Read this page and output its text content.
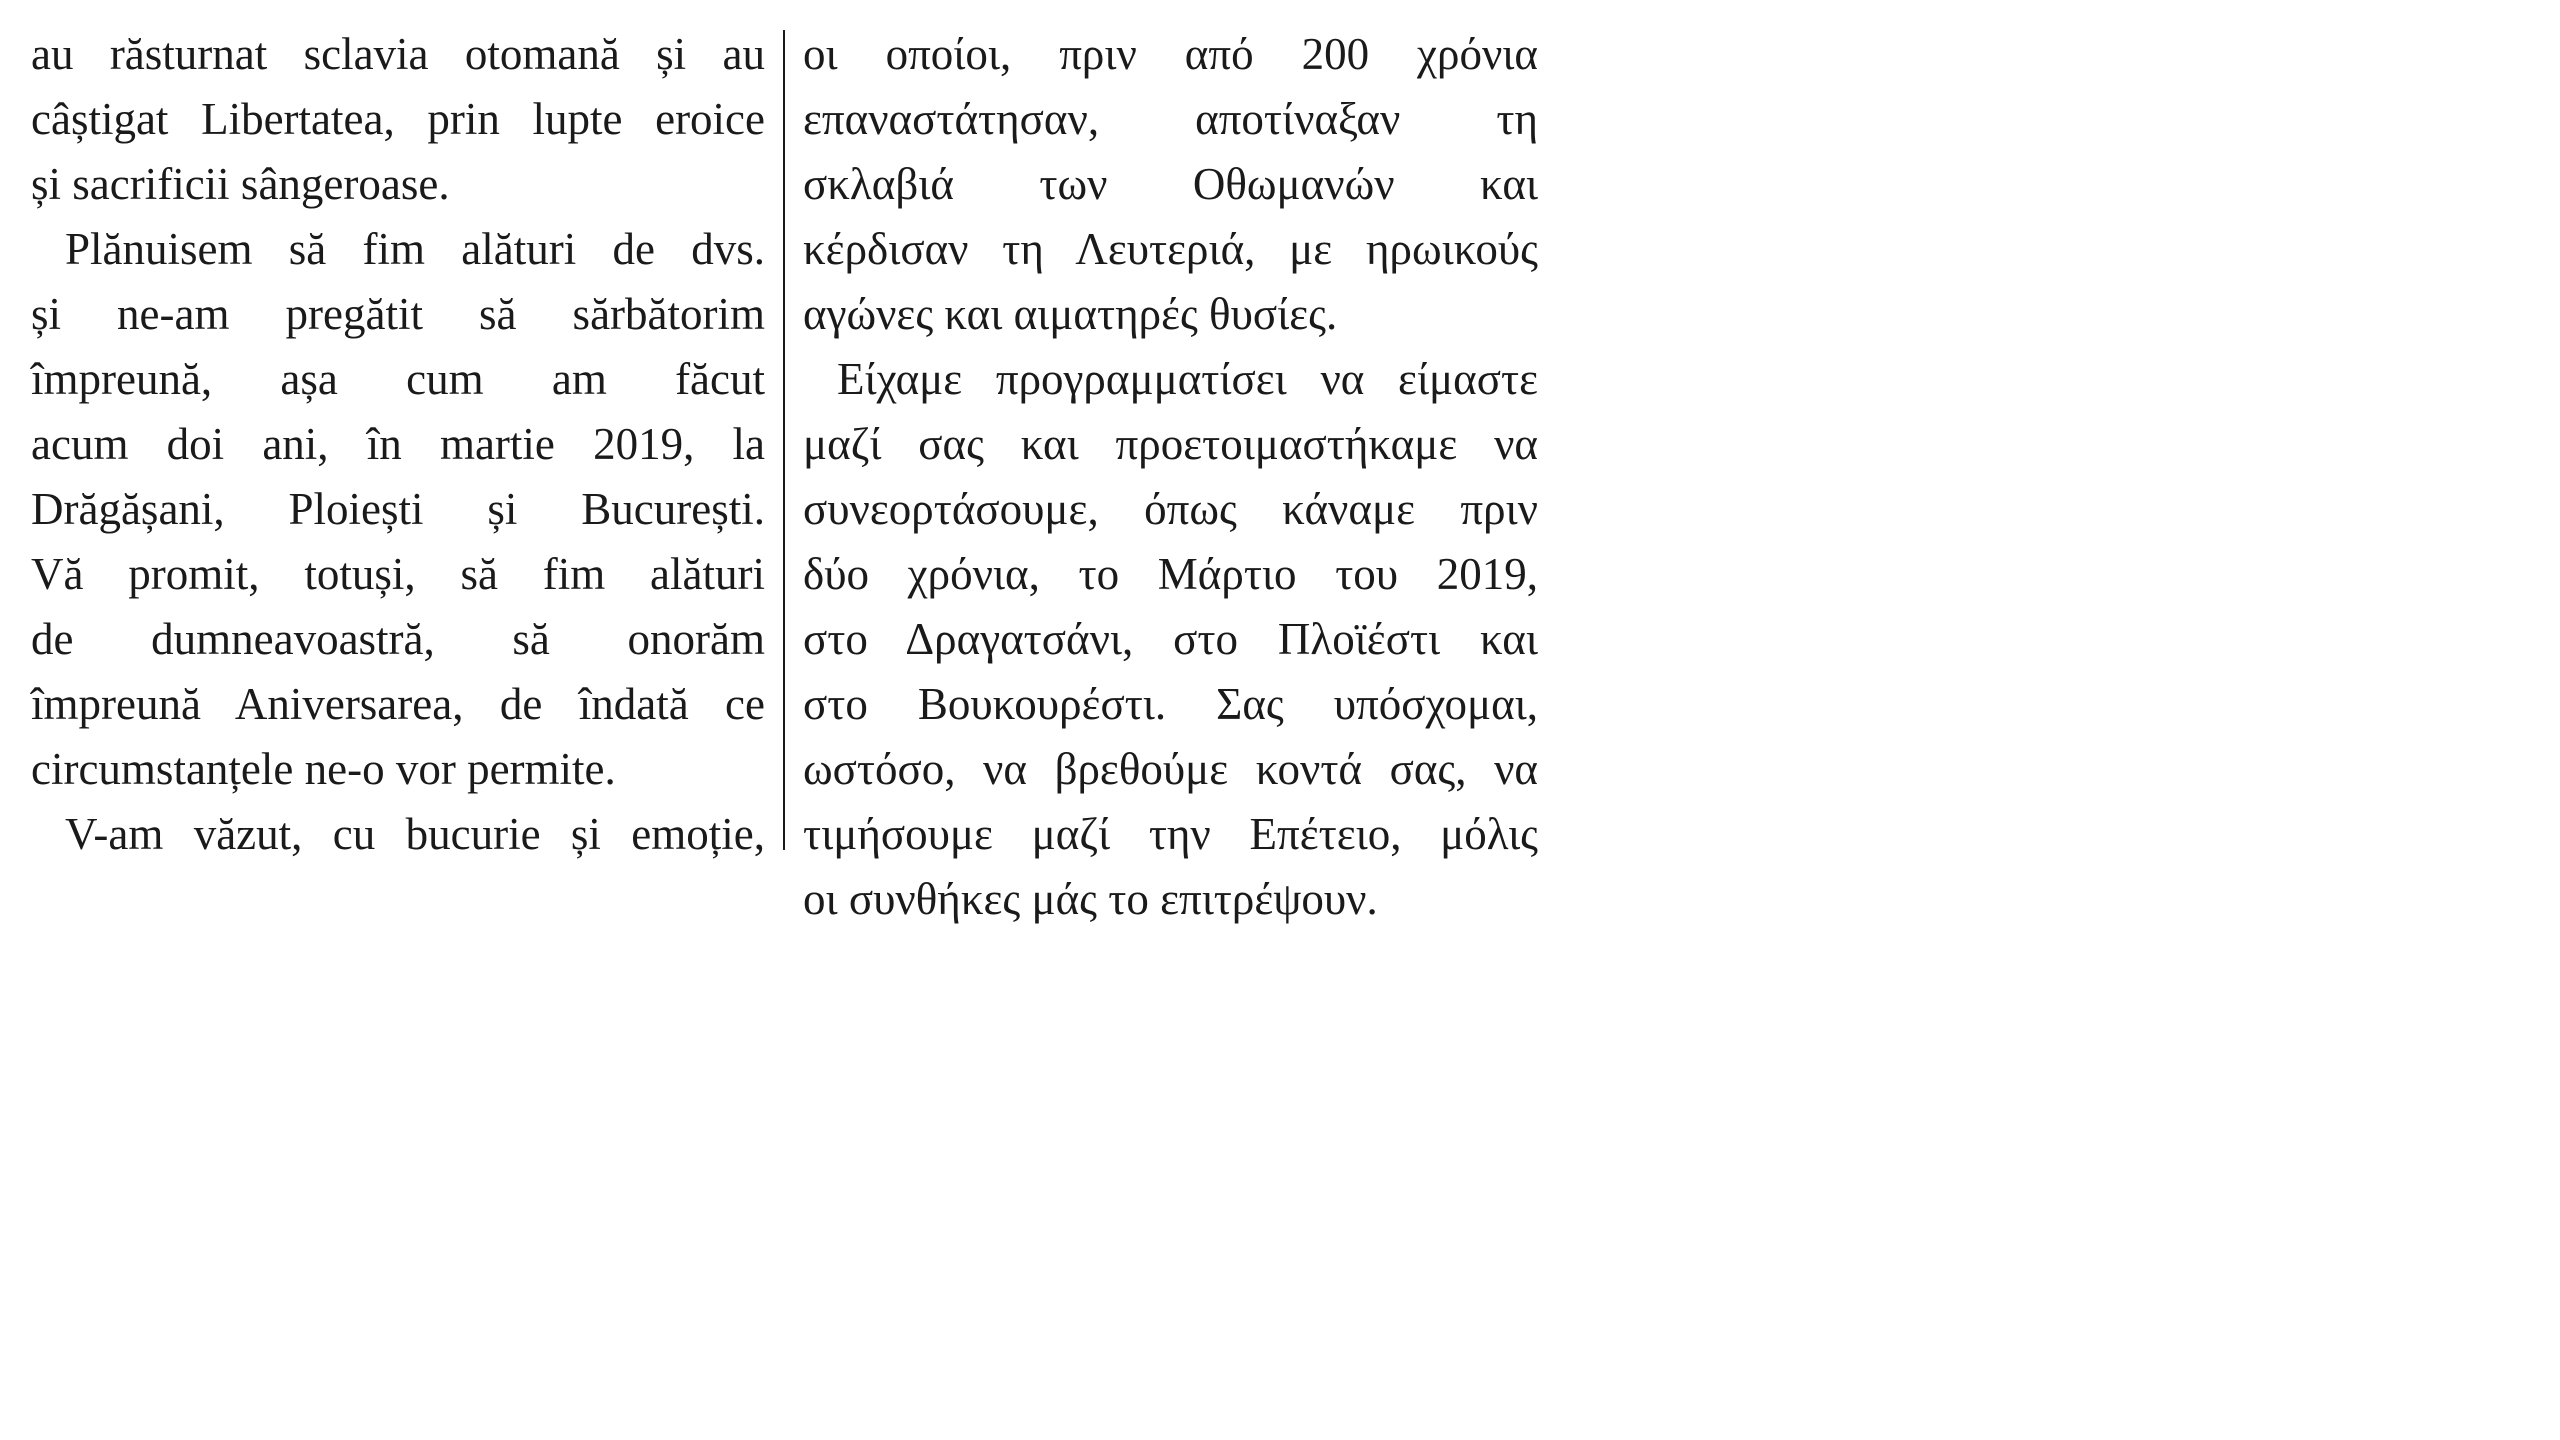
au răsturnat sclavia otomană și au
câștigat Libertatea, prin lupte eroice
și sacrificii sângeroase.
Plănuisem să fim alături de dvs.
și ne-am pregătit să sărbătorim
împreună, așa cum am făcut
acum doi ani, în martie 2019, la
Drăgășani, Ploiești și București.
Vă promit, totuși, să fim alături
de dumneavoastră, să onorăm
împreună Aniversarea, de îndată ce
circumstanțele ne-o vor permite.
V-am văzut, cu bucurie și emoție,
οι οποίοι, πριν από 200 χρόνια
επαναστάτησαν, αποτίναξαν τη
σκλαβιά των Οθωμανών και
κέρδισαν τη Λευτεριά, με ηρωικούς
αγώνες και αιματηρές θυσίες.
Είχαμε προγραμματίσει να είμαστε
μαζί σας και προετοιμαστήκαμε να
συνεορτάσουμε, όπως κάναμε πριν
δύο χρόνια, το Μάρτιο του 2019,
στο Δραγατσάνι, στο Πλοϊέστι και
στο Βουκουρέστι. Σας υπόσχομαι,
ωστόσο, να βρεθούμε κοντά σας, να
τιμήσουμε μαζί την Επέτειο, μόλις
οι συνθήκες μάς το επιτρέψουν.
